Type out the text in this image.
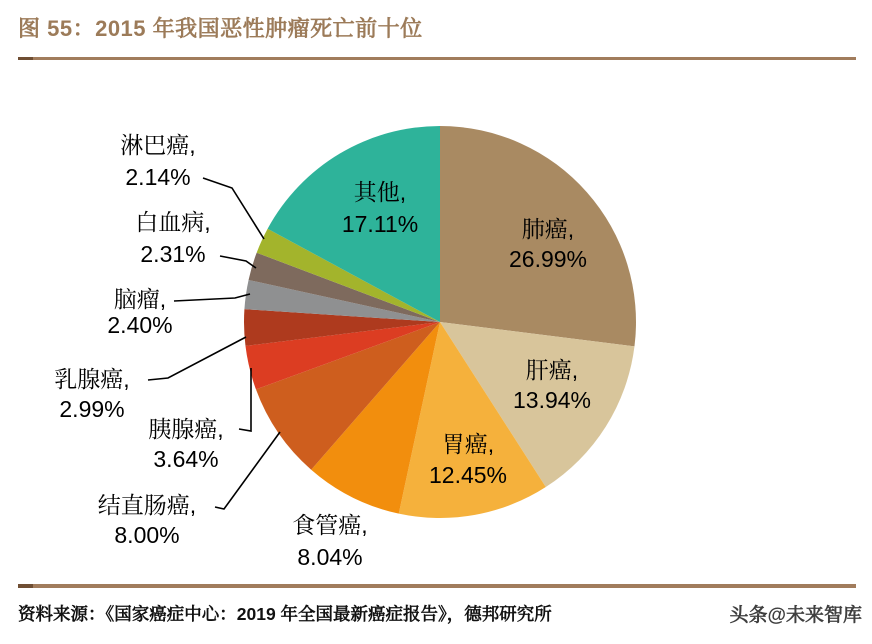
图 55：2015 年我国恶性肿瘤死亡前十位
肺癌,
26.99%
肝癌,
13.94%
胃癌,
12.45%
食管癌,
8.04%
结直肠癌,
8.00%
胰腺癌,
3.64%
乳腺癌,
2.99%
脑瘤,
2.40%
白血病,
2.31%
淋巴癌,
2.14%
其他,
17.11%
资料来源：《国家癌症中心：2019 年全国最新癌症报告》，德邦研究所	头条@未来智库
